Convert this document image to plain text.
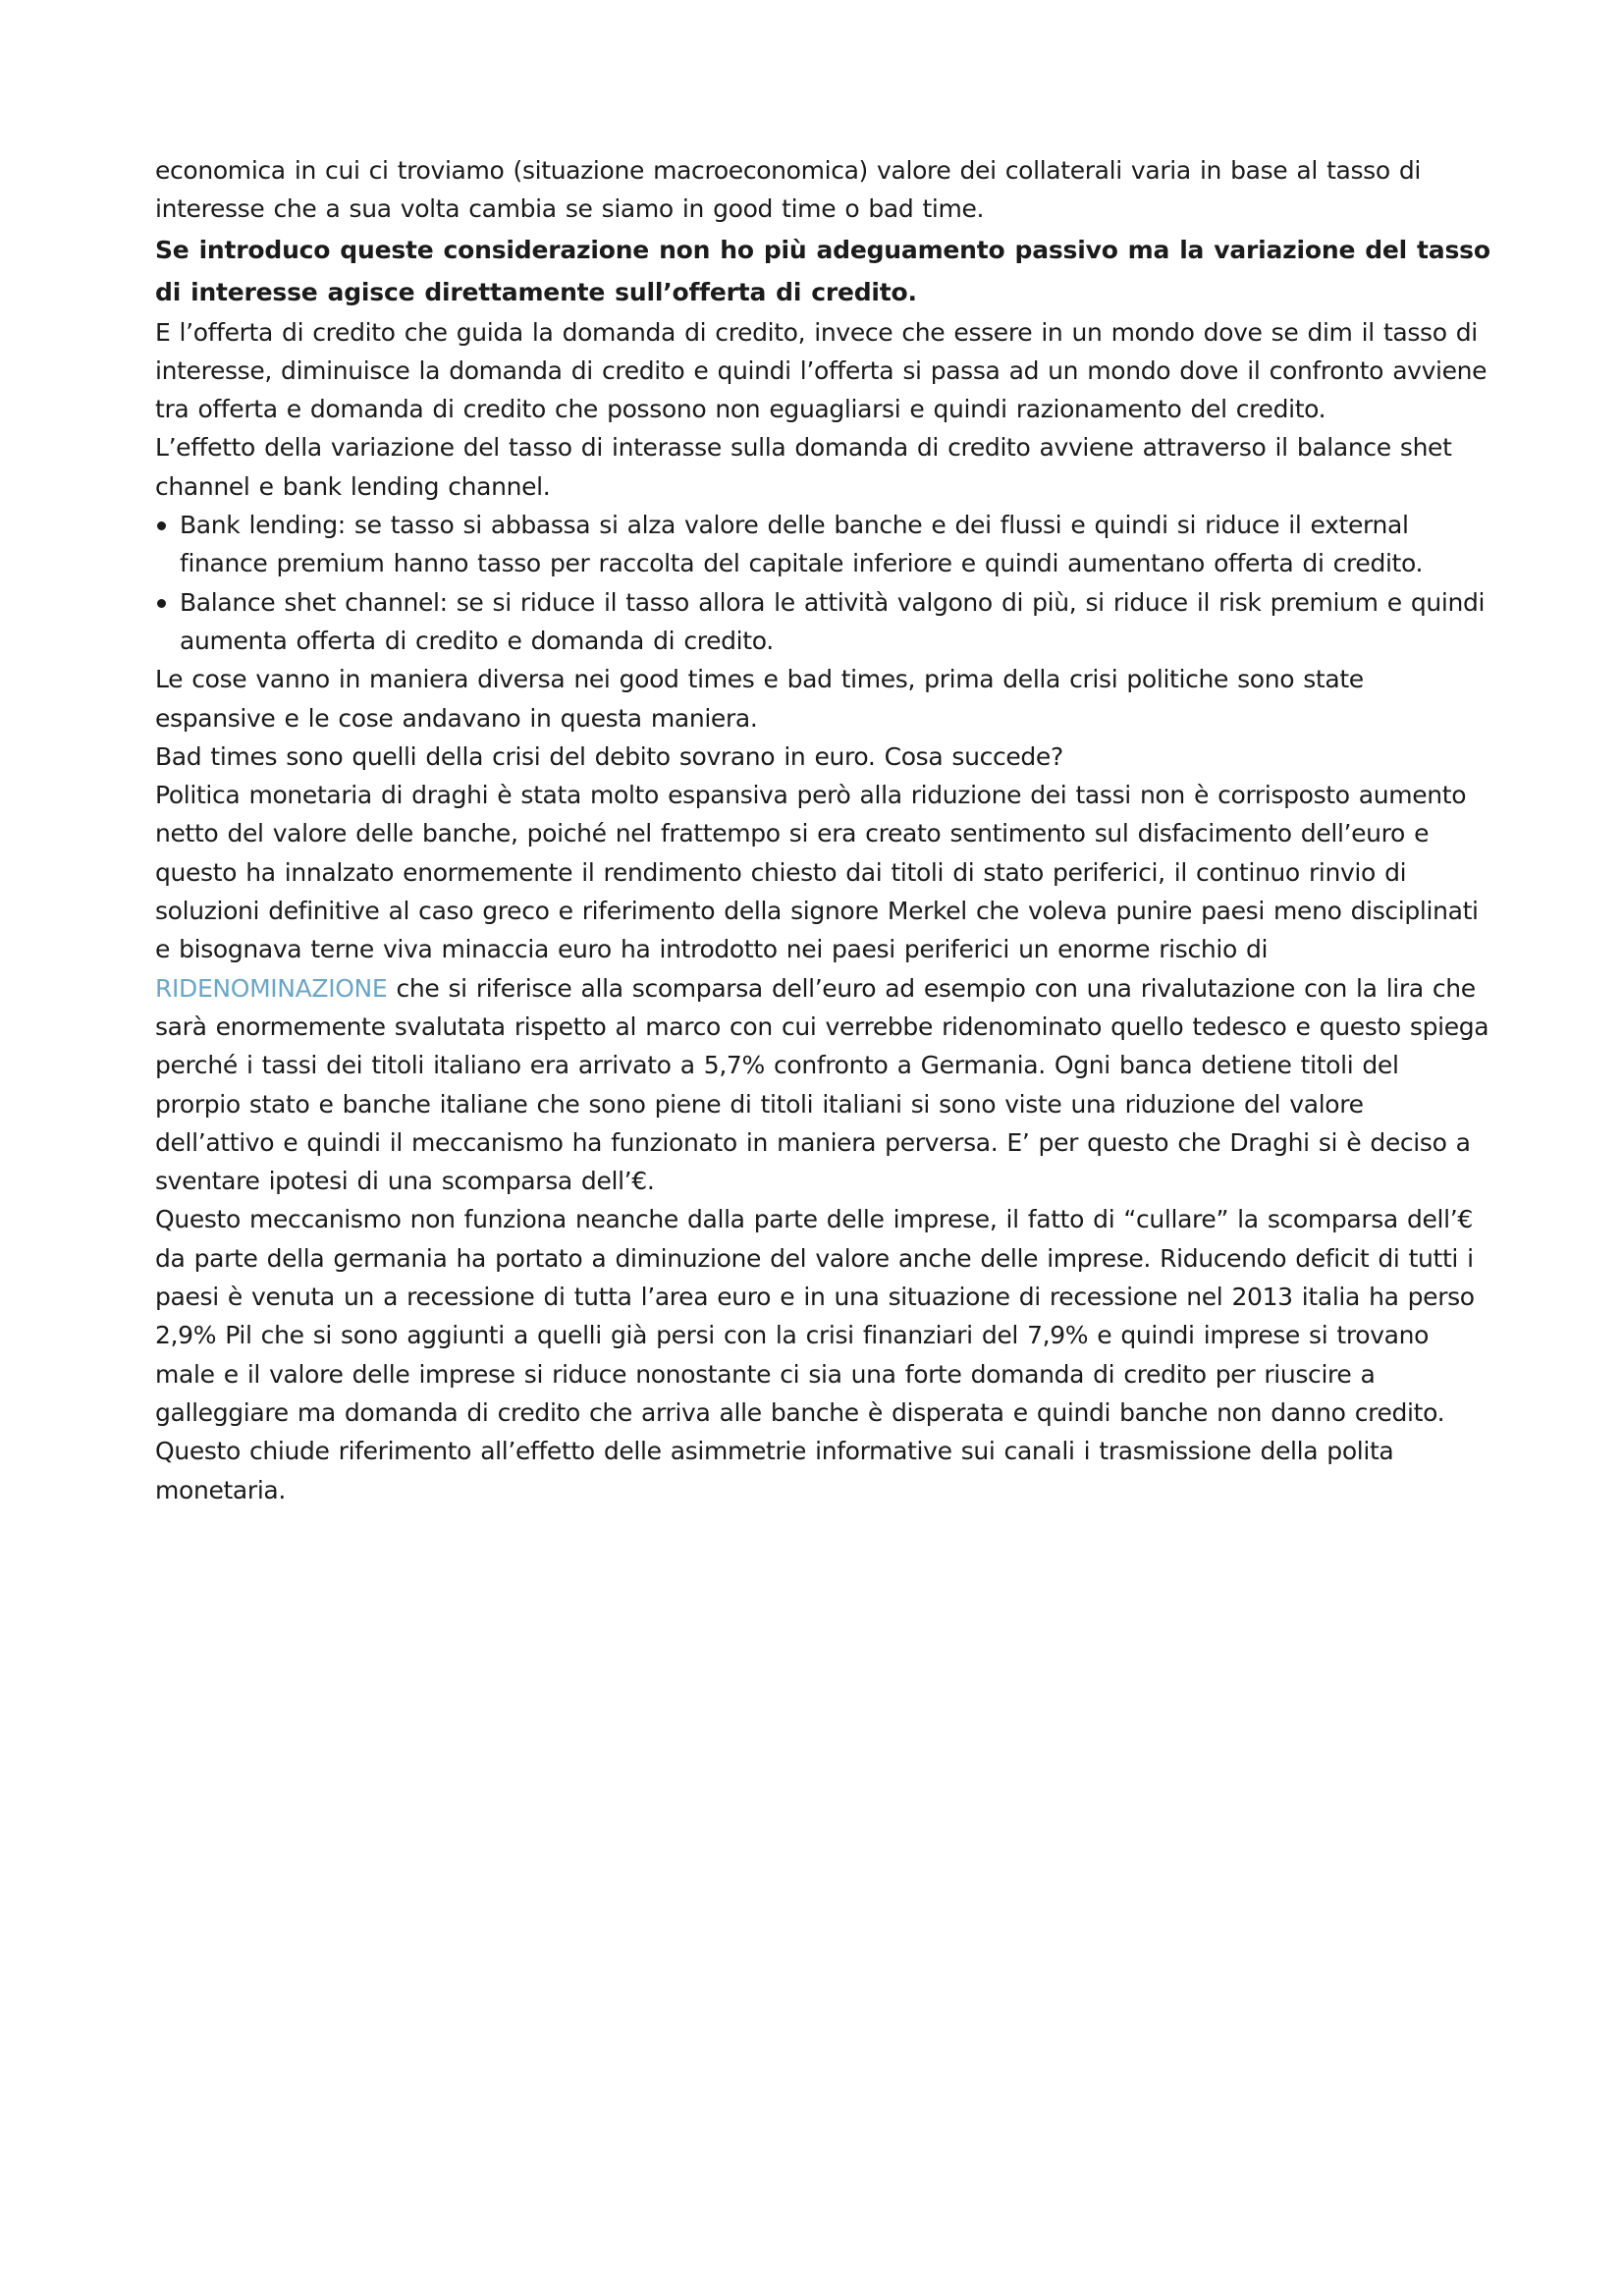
economica in cui ci troviamo (situazione macroeconomica) valore dei collaterali varia in base al tasso di interesse che a sua volta cambia se siamo in good time o bad time.

Se introduco queste considerazione non ho più adeguamento passivo ma la variazione del tasso di interesse agisce direttamente sull’offerta di credito.

E l’offerta di credito che guida la domanda di credito, invece che essere in un mondo dove se dim il tasso di interesse, diminuisce la domanda di credito e quindi l’offerta si passa ad un mondo dove il confronto avviene tra offerta e domanda di credito che possono non eguagliarsi e quindi razionamento del credito.

L’effetto della variazione del tasso di interasse sulla domanda di credito avviene attraverso il balance shet channel e bank lending channel.

Bank lending: se tasso si abbassa si alza valore delle banche e dei flussi e quindi si riduce il external finance premium hanno tasso per raccolta del capitale inferiore e quindi aumentano offerta di credito.
Balance shet channel: se si riduce il tasso allora le attività valgono di più, si riduce il risk premium e quindi aumenta offerta di credito e domanda di credito.

Le cose vanno in maniera diversa nei good times e bad times, prima della crisi politiche sono state espansive e le cose andavano in questa maniera.

Bad times sono quelli della crisi del debito sovrano in euro. Cosa succede?

Politica monetaria di draghi è stata molto espansiva però alla riduzione dei tassi non è corrisposto aumento netto del valore delle banche, poiché nel frattempo si era creato sentimento sul disfacimento dell’euro e questo ha innalzato enormemente il rendimento chiesto dai titoli di stato periferici, il continuo rinvio di soluzioni definitive al caso greco e riferimento della signore Merkel che voleva punire paesi meno disciplinati e bisognava terne viva minaccia euro ha introdotto nei paesi periferici un enorme rischio di RIDENOMINAZIONE che si riferisce alla scomparsa dell’euro ad esempio con una rivalutazione con la lira che sarà enormemente svalutata rispetto al marco con cui verrebbe ridenominato quello tedesco e questo spiega perché i tassi dei titoli italiano era arrivato a 5,7% confronto a Germania. Ogni banca detiene titoli del prorpio stato e banche italiane che sono piene di titoli italiani si sono viste una riduzione del valore dell’attivo e quindi il meccanismo ha funzionato in maniera perversa. E’ per questo che Draghi si è deciso a sventare ipotesi di una scomparsa dell’€.

Questo meccanismo non funziona neanche dalla parte delle imprese, il fatto di “cullare” la scomparsa dell’€ da parte della germania ha portato a diminuzione del valore anche delle imprese. Riducendo deficit di tutti i paesi è venuta un a recessione di tutta l’area euro e in una situazione di recessione nel 2013 italia ha perso 2,9% Pil che si sono aggiunti a quelli già persi con la crisi finanziari del 7,9% e quindi imprese si trovano male e il valore delle imprese si riduce nonostante ci sia una forte domanda di credito per riuscire a galleggiare ma domanda di credito che arriva alle banche è disperata e quindi banche non danno credito.

Questo chiude riferimento all’effetto delle asimmetrie informative sui canali i trasmissione della polita monetaria.
